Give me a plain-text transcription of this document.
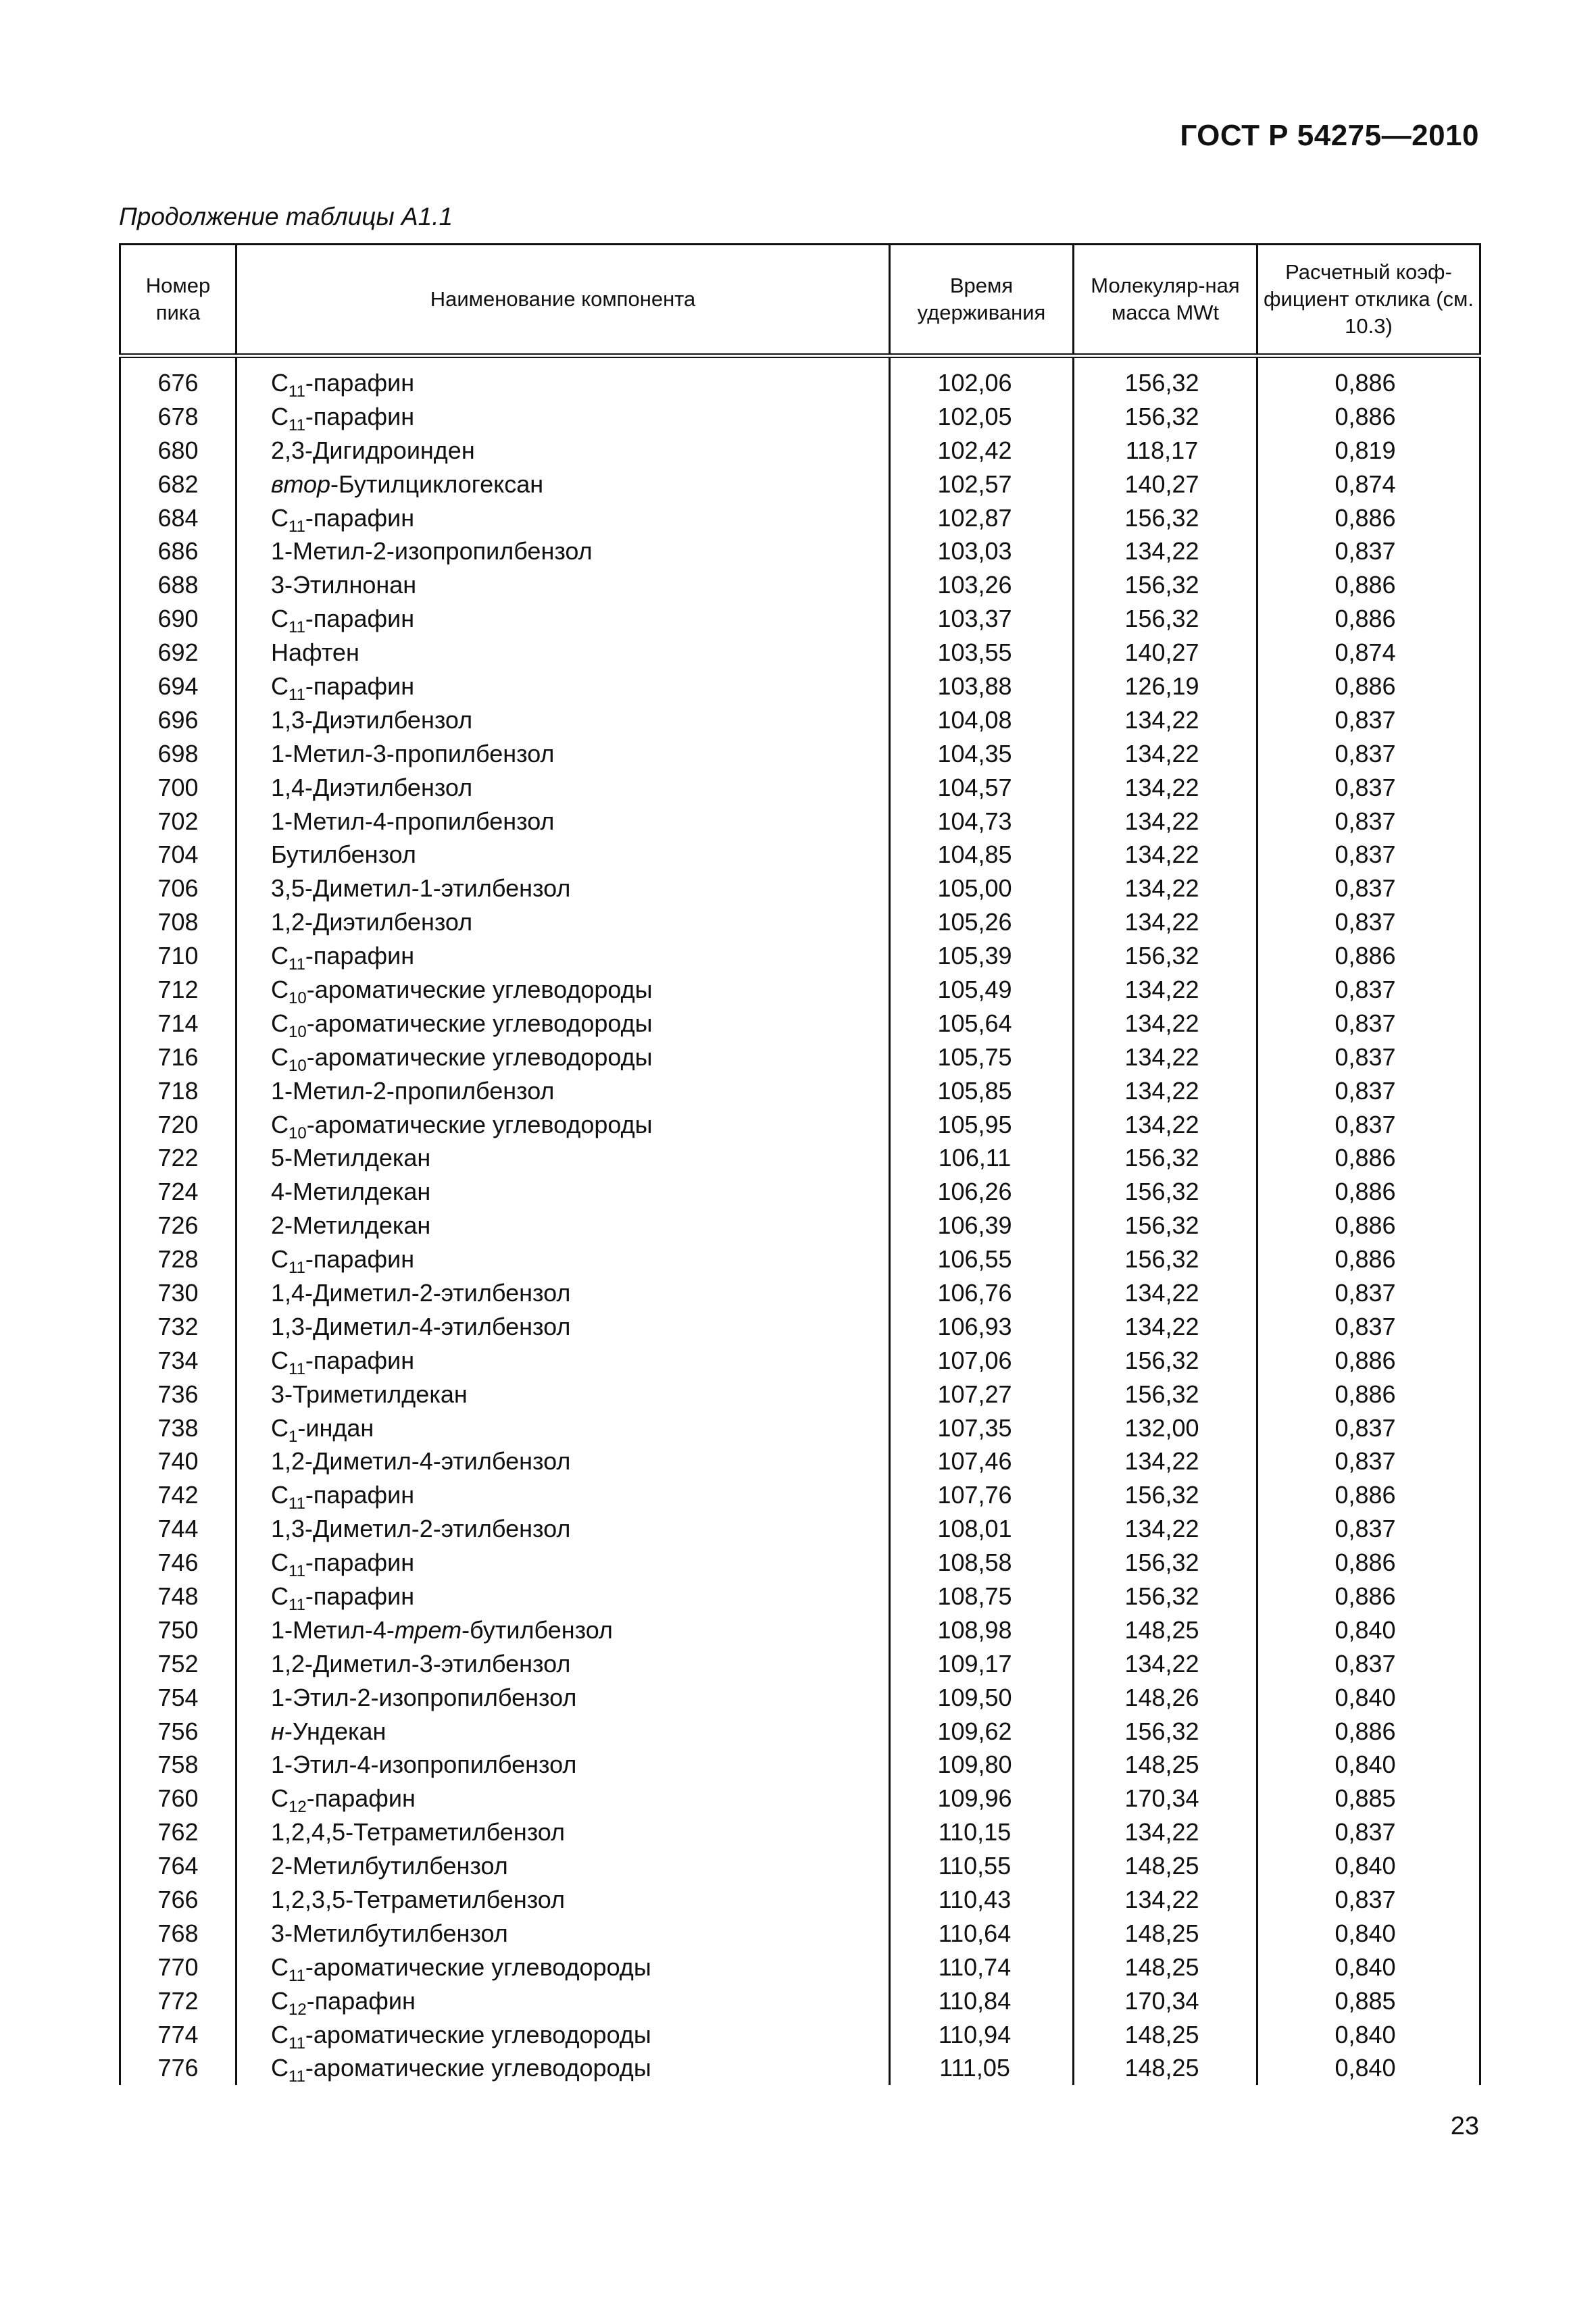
ГОСТ Р 54275—2010
Продолжение таблицы А1.1
Номер пика	Наименование компонента	Время удерживания	Молекуляр-ная масса MWt	Расчетный коэф-фициент отклика (см. 10.3)
676	$C_{11}$-парафин	102,06	156,32	0,886
678	$C_{11}$-парафин	102,05	156,32	0,886
680	2,3-Дигидроинден	102,42	118,17	0,819
682	втор-Бутилциклогексан	102,57	140,27	0,874
684	$C_{11}$-парафин	102,87	156,32	0,886
686	1-Метил-2-изопропилбензол	103,03	134,22	0,837
688	3-Этилнонан	103,26	156,32	0,886
690	$C_{11}$-парафин	103,37	156,32	0,886
692	Нафтен	103,55	140,27	0,874
694	$C_{11}$-парафин	103,88	126,19	0,886
696	1,3-Диэтилбензол	104,08	134,22	0,837
698	1-Метил-3-пропилбензол	104,35	134,22	0,837
700	1,4-Диэтилбензол	104,57	134,22	0,837
702	1-Метил-4-пропилбензол	104,73	134,22	0,837
704	Бутилбензол	104,85	134,22	0,837
706	3,5-Диметил-1-этилбензол	105,00	134,22	0,837
708	1,2-Диэтилбензол	105,26	134,22	0,837
710	$C_{11}$-парафин	105,39	156,32	0,886
712	$C_{10}$-ароматические углеводороды	105,49	134,22	0,837
714	$C_{10}$-ароматические углеводороды	105,64	134,22	0,837
716	$C_{10}$-ароматические углеводороды	105,75	134,22	0,837
718	1-Метил-2-пропилбензол	105,85	134,22	0,837
720	$C_{10}$-ароматические углеводороды	105,95	134,22	0,837
722	5-Метилдекан	106,11	156,32	0,886
724	4-Метилдекан	106,26	156,32	0,886
726	2-Метилдекан	106,39	156,32	0,886
728	$C_{11}$-парафин	106,55	156,32	0,886
730	1,4-Диметил-2-этилбензол	106,76	134,22	0,837
732	1,3-Диметил-4-этилбензол	106,93	134,22	0,837
734	$C_{11}$-парафин	107,06	156,32	0,886
736	3-Триметилдекан	107,27	156,32	0,886
738	$C_1$-индан	107,35	132,00	0,837
740	1,2-Диметил-4-этилбензол	107,46	134,22	0,837
742	$C_{11}$-парафин	107,76	156,32	0,886
744	1,3-Диметил-2-этилбензол	108,01	134,22	0,837
746	$C_{11}$-парафин	108,58	156,32	0,886
748	$C_{11}$-парафин	108,75	156,32	0,886
750	1-Метил-4-трет-бутилбензол	108,98	148,25	0,840
752	1,2-Диметил-3-этилбензол	109,17	134,22	0,837
754	1-Этил-2-изопропилбензол	109,50	148,26	0,840
756	н-Ундекан	109,62	156,32	0,886
758	1-Этил-4-изопропилбензол	109,80	148,25	0,840
760	$C_{12}$-парафин	109,96	170,34	0,885
762	1,2,4,5-Тетраметилбензол	110,15	134,22	0,837
764	2-Метилбутилбензол	110,55	148,25	0,840
766	1,2,3,5-Тетраметилбензол	110,43	134,22	0,837
768	3-Метилбутилбензол	110,64	148,25	0,840
770	$C_{11}$-ароматические углеводороды	110,74	148,25	0,840
772	$C_{12}$-парафин	110,84	170,34	0,885
774	$C_{11}$-ароматические углеводороды	110,94	148,25	0,840
776	$C_{11}$-ароматические углеводороды	111,05	148,25	0,840
23
